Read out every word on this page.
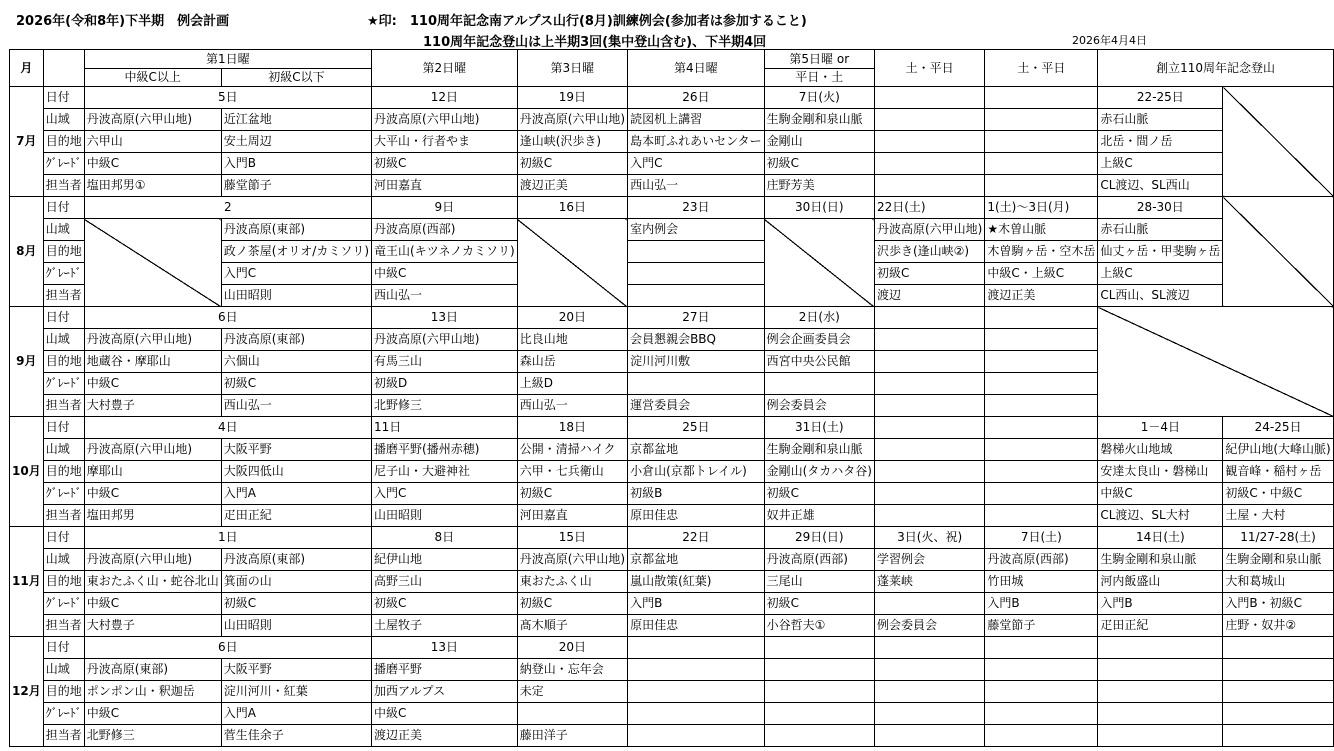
2026年(令和8年)下半期　例会計画	★印:　110周年記念南アルプス山行(8月)訓練例会(参加者は参加すること)
110周年記念登山は上半期3回(集中登山含む)、下半期4回	2026年4月4日
月		第1日曜		第2日曜	第3日曜	第4日曜	第5日曜 or	土・平日	土・平日	創立110周年記念登山	
		中級C以上	初級C以下								
							平日・土				
7月	日付	5日		12日	19日	26日	7日(火)			22-25日	
	山域	丹波高原(六甲山地)	近江盆地	丹波高原(六甲山地)	丹波高原(六甲山地)	読図机上講習	生駒金剛和泉山脈			赤石山脈	
	目的地	六甲山	安土周辺	大平山・行者やま	逢山峡(沢歩き)	島本町ふれあいセンター	金剛山			北岳・間ノ岳	
	ｸﾞﾚｰﾄﾞ	中級C	入門B	初級C	初級C	入門C	初級C			上級C	
	担当者	塩田邦男①	藤堂節子	河田嘉直	渡辺正美	西山弘一	庄野芳美			CL渡辺、SL西山	
8月	日付	2		9日	16日	23日	30日(日)	22日(土)	1(土)～3日(月)	28-30日	
	山域		丹波高原(東部)	丹波高原(西部)		室内例会		丹波高原(六甲山地)	★木曽山脈	赤石山脈	
	目的地		政ノ茶屋(オリオ/カミソリ)	竜王山(キツネノカミソリ)				沢歩き(逢山峡②)	木曽駒ヶ岳・空木岳	仙丈ヶ岳・甲斐駒ヶ岳	
	ｸﾞﾚｰﾄﾞ		入門C	中級C				初級C	中級C・上級C	上級C	
	担当者		山田昭則	西山弘一				渡辺	渡辺正美	CL西山、SL渡辺	
9月	日付	6日		13日	20日	27日	2日(水)				
	山域	丹波高原(六甲山地)	丹波高原(東部)	丹波高原(六甲山地)	比良山地	会員懇親会BBQ	例会企画委員会				
	目的地	地蔵谷・摩耶山	六個山	有馬三山	森山岳	淀川河川敷	西宮中央公民館				
	ｸﾞﾚｰﾄﾞ	中級C	初級C	初級D	上級D						
	担当者	大村豊子	西山弘一	北野修三	西山弘一	運営委員会	例会委員会				
10月	日付	4日		11日	18日	25日	31日(土)			1－4日	24-25日
	山域	丹波高原(六甲山地)	大阪平野	播磨平野(播州赤穂)	公開・清掃ハイク	京都盆地	生駒金剛和泉山脈			磐梯火山地域	紀伊山地(大峰山脈)
	目的地	摩耶山	大阪四低山	尼子山・大避神社	六甲・七兵衛山	小倉山(京都トレイル)	金剛山(タカハタ谷)			安達太良山・磐梯山	観音峰・稲村ヶ岳
	ｸﾞﾚｰﾄﾞ	中級C	入門A	入門C	初級C	初級B	初級C			中級C	初級C・中級C
	担当者	塩田邦男	疋田正紀	山田昭則	河田嘉直	原田佳忠	奴井正雄			CL渡辺、SL大村	土屋・大村
11月	日付	1日		8日	15日	22日	29日(日)	3日(火、祝)	7日(土)	14日(土)	11/27-28(土)
	山域	丹波高原(六甲山地)	丹波高原(東部)	紀伊山地	丹波高原(六甲山地)	京都盆地	丹波高原(西部)	学習例会	丹波高原(西部)	生駒金剛和泉山脈	生駒金剛和泉山脈
	目的地	東おたふく山・蛇谷北山	箕面の山	高野三山	東おたふく山	嵐山散策(紅葉)	三尾山	蓬莱峡	竹田城	河内飯盛山	大和葛城山
	ｸﾞﾚｰﾄﾞ	中級C	初級C	初級C	初級C	入門B	初級C		入門B	入門B	入門B・初級C
	担当者	大村豊子	山田昭則	土屋牧子	髙木順子	原田佳忠	小谷哲夫①	例会委員会	藤堂節子	疋田正紀	庄野・奴井②
12月	日付	6日		13日	20日						
	山域	丹波高原(東部)	大阪平野	播磨平野	納登山・忘年会						
	目的地	ポンポン山・釈迦岳	淀川河川・紅葉	加西アルプス	未定						
	ｸﾞﾚｰﾄﾞ	中級C	入門A	中級C							
	担当者	北野修三	菅生佳余子	渡辺正美	藤田洋子						
